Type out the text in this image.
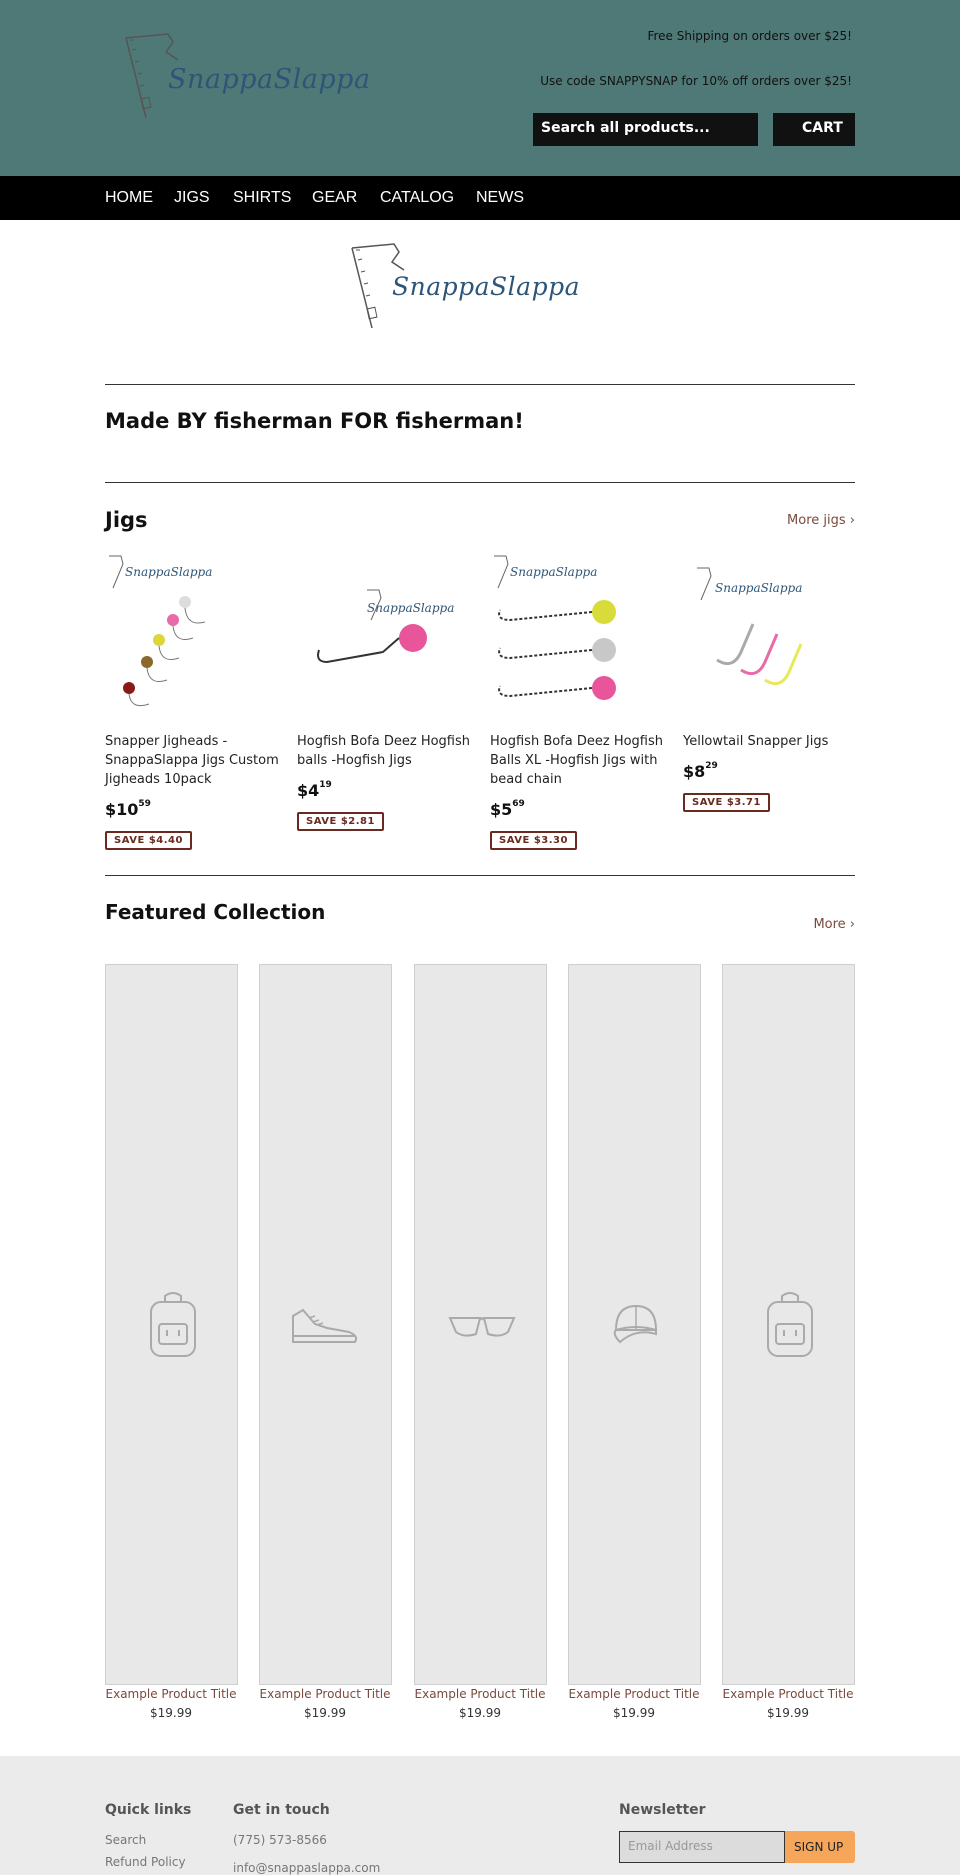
SnappaSlappa
Free Shipping on orders over $25!
Use code SNAPPYSNAP for 10% off orders over $25!
Search all products...	CART
HOME JIGS SHIRTS GEAR CATALOG NEWS
SnappaSlappa
Made BY fisherman FOR fisherman!
Jigs	More jigs ›
SnappaSlappa
Snapper Jigheads - SnappaSlappa Jigs Custom Jigheads 10pack
$\$10^{59}$
SAVE $4.40
SnappaSlappa
Hogfish Bofa Deez Hogfish balls -Hogfish Jigs
$\$4^{19}$
SAVE $2.81
SnappaSlappa
Hogfish Bofa Deez Hogfish Balls XL -Hogfish Jigs with bead chain
$\$5^{69}$
SAVE $3.30
SnappaSlappa
Yellowtail Snapper Jigs
$\$8^{29}$
SAVE $3.71
Featured Collection
More ›
Example Product Title
$19.99
Example Product Title
$19.99
Example Product Title
$19.99
Example Product Title
$19.99
Example Product Title
$19.99
Quick links
Search
Refund Policy
Get in touch
(775) 573-8566
info@snappaslappa.com
Newsletter
Email Address	SIGN UP
